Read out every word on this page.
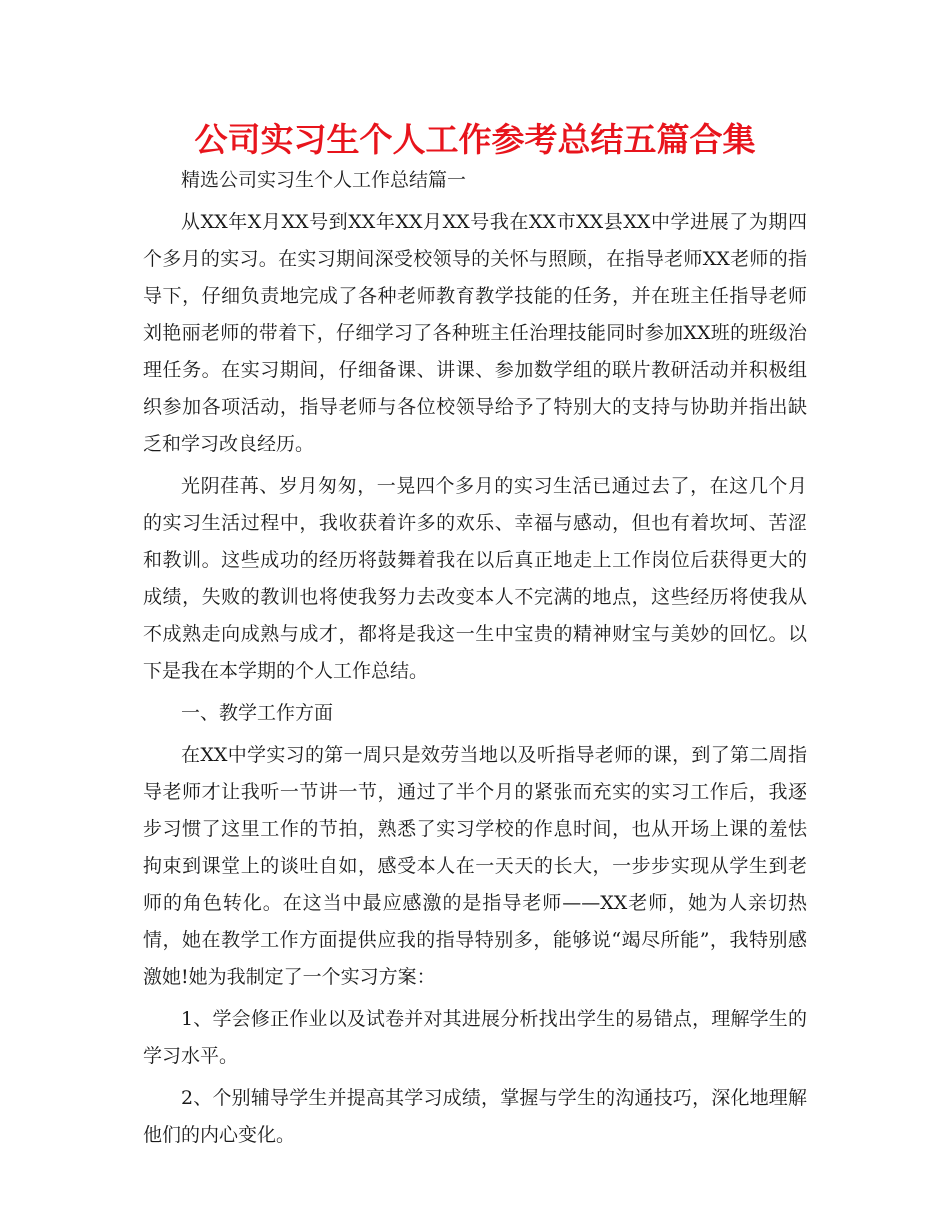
公司实习生个人工作参考总结五篇合集

精选公司实习生个人工作总结篇一

从XX年X月XX号到XX年XX月XX号我在XX市XX县XX中学进展了为期四个多月的实习。在实习期间深受校领导的关怀与照顾，在指导老师XX老师的指导下，仔细负责地完成了各种老师教育教学技能的任务，并在班主任指导老师刘艳丽老师的带着下，仔细学习了各种班主任治理技能同时参加XX班的班级治理任务。在实习期间，仔细备课、讲课、参加数学组的联片教研活动并积极组织参加各项活动，指导老师与各位校领导给予了特别大的支持与协助并指出缺乏和学习改良经历。

光阴荏苒、岁月匆匆，一晃四个多月的实习生活已通过去了，在这几个月的实习生活过程中，我收获着许多的欢乐、幸福与感动，但也有着坎坷、苦涩和教训。这些成功的经历将鼓舞着我在以后真正地走上工作岗位后获得更大的成绩，失败的教训也将使我努力去改变本人不完满的地点，这些经历将使我从不成熟走向成熟与成才，都将是我这一生中宝贵的精神财宝与美妙的回忆。以下是我在本学期的个人工作总结。

一、教学工作方面

在XX中学实习的第一周只是效劳当地以及听指导老师的课，到了第二周指导老师才让我听一节讲一节，通过了半个月的紧张而充实的实习工作后，我逐步习惯了这里工作的节拍，熟悉了实习学校的作息时间，也从开场上课的羞怯拘束到课堂上的谈吐自如，感受本人在一天天的长大，一步步实现从学生到老师的角色转化。在这当中最应感激的是指导老师——XX老师，她为人亲切热情，她在教学工作方面提供应我的指导特别多，能够说“竭尽所能”，我特别感激她!她为我制定了一个实习方案：

1、学会修正作业以及试卷并对其进展分析找出学生的易错点，理解学生的学习水平。

2、个别辅导学生并提高其学习成绩，掌握与学生的沟通技巧，深化地理解他们的内心变化。
